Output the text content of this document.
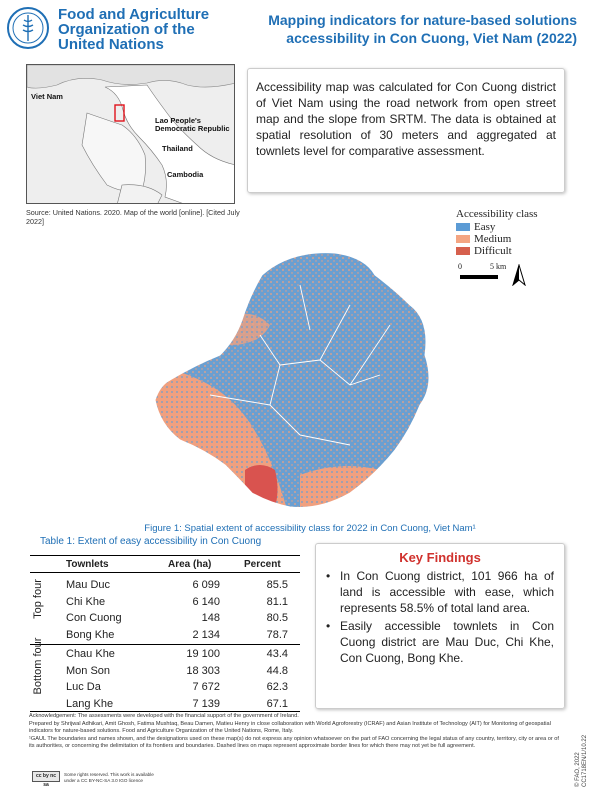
Food and Agriculture
Organization of the
United Nations
Mapping indicators for nature-based solutions
accessibility in Con Cuong, Viet Nam (2022)
Viet Nam
Lao People's Democratic Republic
Thailand
Cambodia
Source: United Nations. 2020. Map of the world [online]. [Cited July 2022]
Accessibility map was calculated for Con Cuong district of Viet Nam using the road network from open street map and the slope from SRTM. The data is obtained at spatial resolution of 30 meters and aggregated at townlets level for comparative assessment.
Accessibility class
Easy
Medium
Difficult
0	5 km
Figure 1: Spatial extent of accessibility class for 2022 in Con Cuong, Viet Nam¹
Table 1: Extent of easy accessibility in Con Cuong
Townlets	Area (ha)	Percent
Top four Mau Duc	6 099	85.5
Chi Khe	6 140	81.1
Con Cuong	148	80.5
Bong Khe	2 134	78.7
Bottom four Chau Khe	19 100	43.4
Mon Son	18 303	44.8
Luc Da	7 672	62.3
Lang Khe	7 139	67.1
Key Findings
• In Con Cuong district, 101 966 ha of land is accessible with ease, which represents 58.5% of total land area.
• Easily accessible townlets in Con Cuong district are Mau Duc, Chi Khe, Con Cuong, Bong Khe.

Acknowledgement: The assessments were developed with the financial support of the government of Ireland.

Prepared by Shrijwal Adhikari, Amit Ghosh, Fatima Mushtaq, Beau Damen, Matieu Henry in close collaboration with World Agroforestry (ICRAF) and Asian Institute of Technology (AIT) for Monitoring of geospatial indicators for nature-based solutions. Food and Agriculture Organization of the United Nations, Rome, Italy.

¹GAUL The boundaries and names shown, and the designations used on these map(s) do not express any opinion whatsoever on the part of FAO concerning the legal status of any country, territory, city or area or of its authorities, or concerning the delimitation of its frontiers and boundaries. Dashed lines on maps represent approximate border lines for which there may not yet be full agreement.

cc by nc sa
Some rights reserved. This work is available under a CC BY-NC-SA 3.0 IGO licence	© FAO, 2022 CC1718EN/1/10.22
